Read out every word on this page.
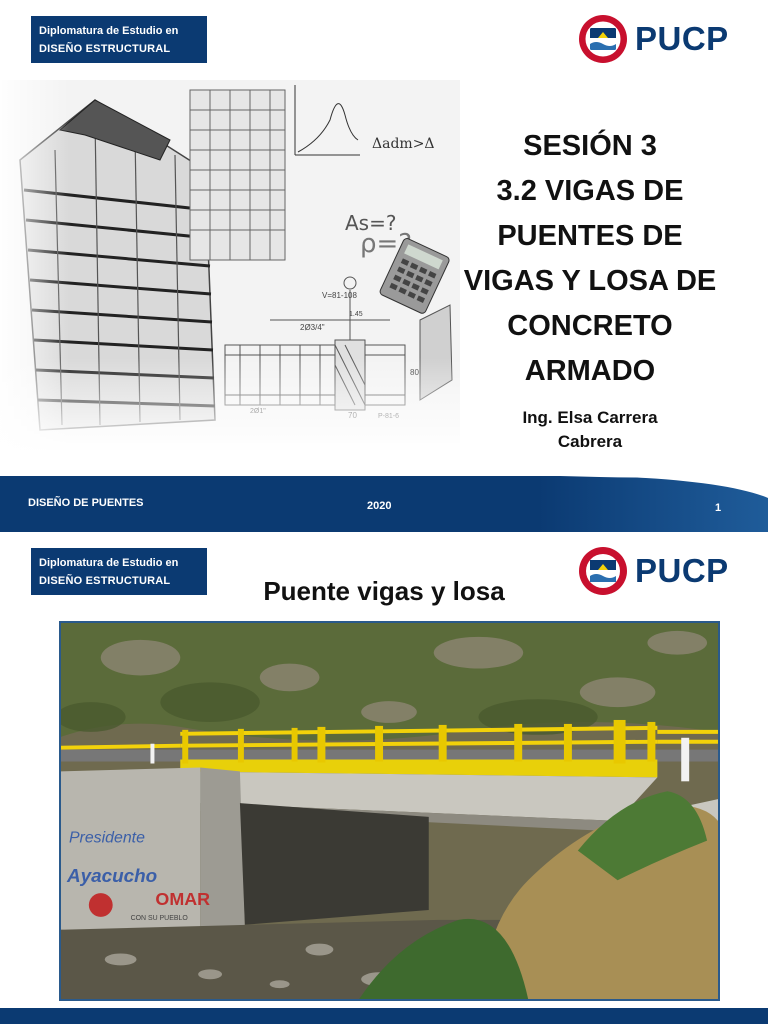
Diplomatura de Estudio en
DISEÑO ESTRUCTURAL	PUCP
SESIÓN 3
3.2 VIGAS DE
PUENTES DE
VIGAS Y LOSA DE
CONCRETO
ARMADO
Ing. Elsa Carrera
Cabrera
DISEÑO DE PUENTES	2020	1
Diplomatura de Estudio en
DISEÑO ESTRUCTURAL	PUCP
Puente vigas y losa
Presidente
Ayacucho
OMAR
CON SU PUEBLO
